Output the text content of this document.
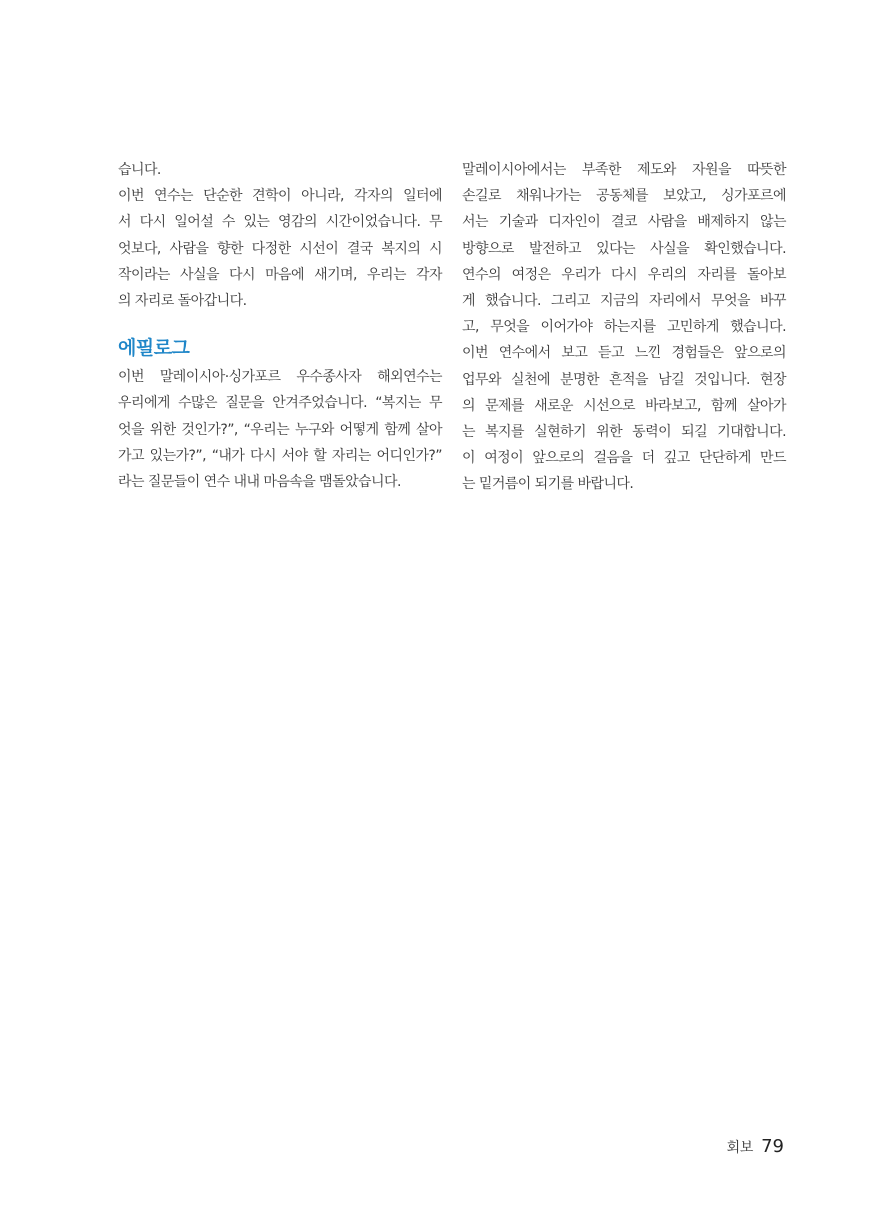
습니다.
이번 연수는 단순한 견학이 아니라, 각자의 일터에
서 다시 일어설 수 있는 영감의 시간이었습니다. 무
엇보다, 사람을 향한 다정한 시선이 결국 복지의 시
작이라는 사실을 다시 마음에 새기며, 우리는 각자
의 자리로 돌아갑니다.
에필로그
이번 말레이시아·싱가포르 우수종사자 해외연수는
우리에게 수많은 질문을 안겨주었습니다. “복지는 무
엇을 위한 것인가?”, “우리는 누구와 어떻게 함께 살아
가고 있는가?”, “내가 다시 서야 할 자리는 어디인가?”
라는 질문들이 연수 내내 마음속을 맴돌았습니다.
말레이시아에서는 부족한 제도와 자원을 따뜻한
손길로 채워나가는 공동체를 보았고, 싱가포르에
서는 기술과 디자인이 결코 사람을 배제하지 않는
방향으로 발전하고 있다는 사실을 확인했습니다.
연수의 여정은 우리가 다시 우리의 자리를 돌아보
게 했습니다. 그리고 지금의 자리에서 무엇을 바꾸
고, 무엇을 이어가야 하는지를 고민하게 했습니다.
이번 연수에서 보고 듣고 느낀 경험들은 앞으로의
업무와 실천에 분명한 흔적을 남길 것입니다. 현장
의 문제를 새로운 시선으로 바라보고, 함께 살아가
는 복지를 실현하기 위한 동력이 되길 기대합니다.
이 여정이 앞으로의 걸음을 더 깊고 단단하게 만드
는 밑거름이 되기를 바랍니다.
회보 79
